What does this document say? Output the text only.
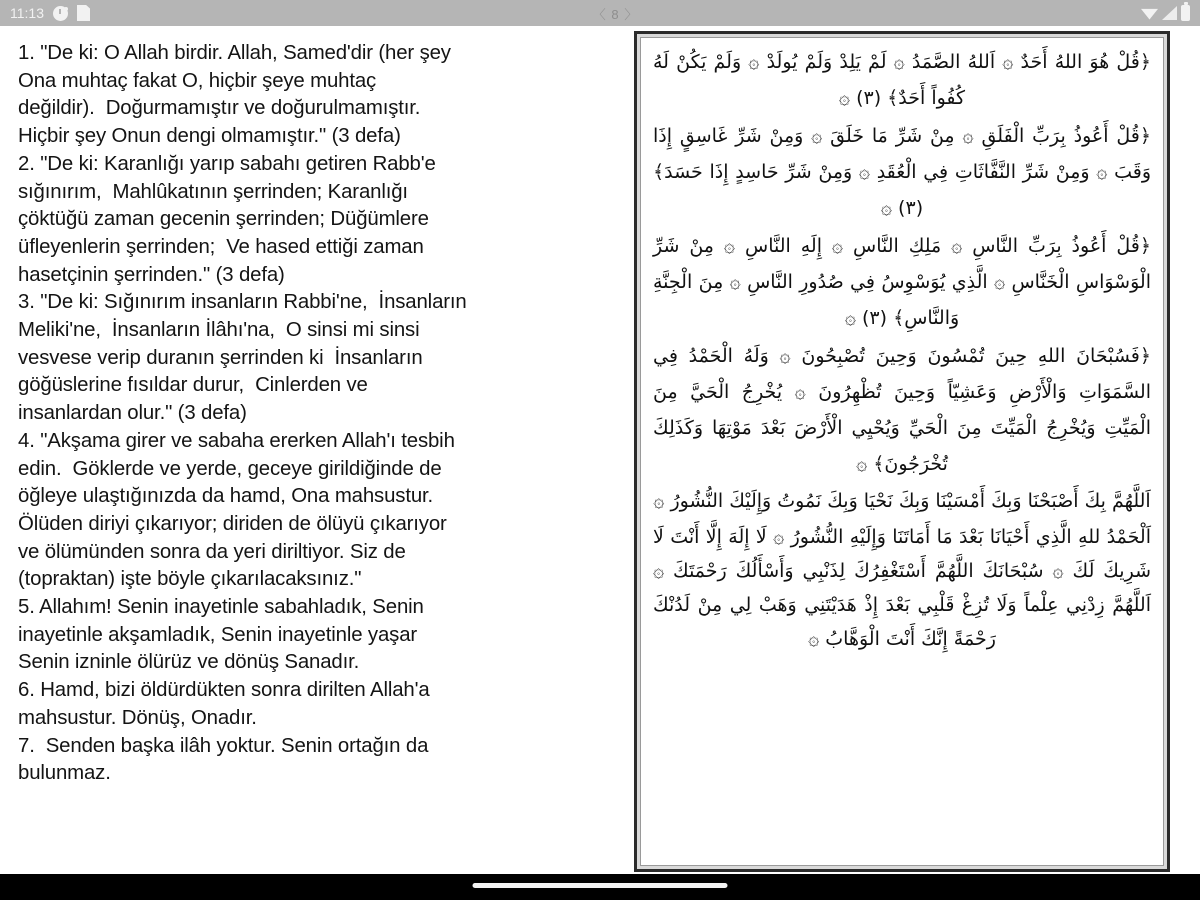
11:13	〈 8 〉
1. "De ki: O Allah birdir. Allah, Samed'dir (her şey
Ona muhtaç fakat O, hiçbir şeye muhtaç
değildir).  Doğurmamıştır ve doğurulmamıştır.
Hiçbir şey Onun dengi olmamıştır." (3 defa)
2. "De ki: Karanlığı yarıp sabahı getiren Rabb'e
sığınırım,  Mahlûkatının şerrinden; Karanlığı
çöktüğü zaman gecenin şerrinden; Düğümlere
üfleyenlerin şerrinden;  Ve hased ettiği zaman
hasetçinin şerrinden." (3 defa)
3. "De ki: Sığınırım insanların Rabbi'ne,  İnsanların
Meliki'ne,  İnsanların İlâhı'na,  O sinsi mi sinsi
vesvese verip duranın şerrinden ki  İnsanların
göğüslerine fısıldar durur,  Cinlerden ve
insanlardan olur." (3 defa)
4. "Akşama girer ve sabaha ererken Allah'ı tesbih
edin.  Göklerde ve yerde, geceye girildiğinde de
öğleye ulaştığınızda da hamd, Ona mahsustur.
Ölüden diriyi çıkarıyor; diriden de ölüyü çıkarıyor
ve ölümünden sonra da yeri diriltiyor. Siz de
(topraktan) işte böyle çıkarılacaksınız."
5. Allahım! Senin inayetinle sabahladık, Senin
inayetinle akşamladık, Senin inayetinle yaşar
Senin izninle ölürüz ve dönüş Sanadır.
6. Hamd, bizi öldürdükten sonra dirilten Allah'a
mahsustur. Dönüş, Onadır.
7.  Senden başka ilâh yoktur. Senin ortağın da
bulunmaz.

﴿قُلْ هُوَ اللهُ أَحَدٌ ۞ اَللهُ الصَّمَدُ ۞ لَمْ يَلِدْ وَلَمْ يُولَدْ ۞ وَلَمْ يَكُنْ لَهُ كُفُواً أَحَدٌ﴾ (٣) ۞

﴿قُلْ أَعُوذُ بِرَبِّ الْفَلَقِ ۞ مِنْ شَرِّ مَا خَلَقَ ۞ وَمِنْ شَرِّ غَاسِقٍ إِذَا وَقَبَ ۞ وَمِنْ شَرِّ النَّفَّاثَاتِ فِي الْعُقَدِ ۞ وَمِنْ شَرِّ حَاسِدٍ إِذَا حَسَدَ﴾ (٣) ۞

﴿قُلْ أَعُوذُ بِرَبِّ النَّاسِ ۞ مَلِكِ النَّاسِ ۞ إِلَهِ النَّاسِ ۞ مِنْ شَرِّ الْوَسْوَاسِ الْخَنَّاسِ ۞ الَّذِي يُوَسْوِسُ فِي صُدُورِ النَّاسِ ۞ مِنَ الْجِنَّةِ وَالنَّاسِ﴾ (٣) ۞

﴿فَسُبْحَانَ اللهِ حِينَ تُمْسُونَ وَحِينَ تُصْبِحُونَ ۞ وَلَهُ الْحَمْدُ فِي السَّمَوَاتِ وَالْأَرْضِ وَعَشِيّاً وَحِينَ تُظْهِرُونَ ۞ يُخْرِجُ الْحَيَّ مِنَ الْمَيِّتِ وَيُخْرِجُ الْمَيِّتَ مِنَ الْحَيِّ وَيُحْيِي الْأَرْضَ بَعْدَ مَوْتِهَا وَكَذَلِكَ تُخْرَجُونَ﴾ ۞

اَللَّهُمَّ بِكَ أَصْبَحْنَا وَبِكَ أَمْسَيْنَا وَبِكَ نَحْيَا وَبِكَ نَمُوتُ وَإِلَيْكَ النُّشُورُ ۞

اَلْحَمْدُ للهِ الَّذِي أَحْيَانَا بَعْدَ مَا أَمَاتَنَا وَإِلَيْهِ النُّشُورُ ۞ لَا إِلَهَ إِلَّا أَنْتَ لَا شَرِيكَ لَكَ ۞ سُبْحَانَكَ اللَّهُمَّ أَسْتَغْفِرُكَ لِذَنْبِي وَأَسْأَلُكَ رَحْمَتَكَ ۞ اَللَّهُمَّ زِدْنِي عِلْماً وَلَا تُزِغْ قَلْبِي بَعْدَ إِذْ هَدَيْتَنِي وَهَبْ لِي مِنْ لَدُنْكَ رَحْمَةً إِنَّكَ أَنْتَ الْوَهَّابُ ۞
